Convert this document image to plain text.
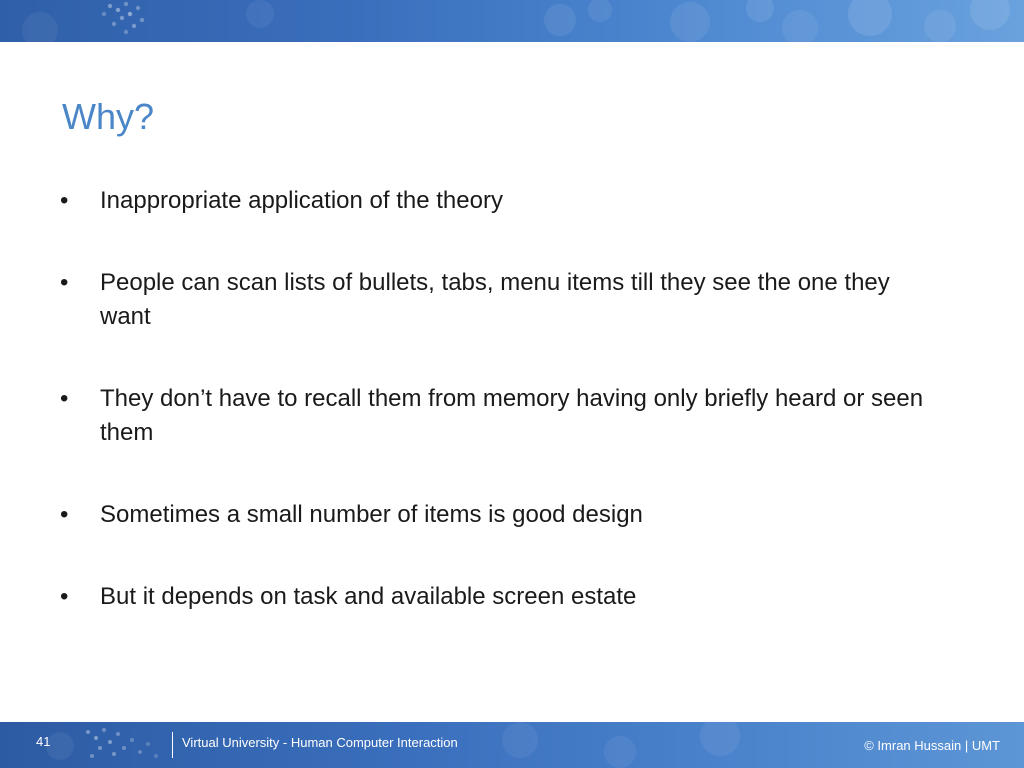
Why?
•	Inappropriate application of the theory
•	People can scan lists of bullets, tabs, menu items till they see the one they want
•	They don’t have to recall them from memory having only briefly heard or seen them
•	Sometimes a small number of items is good design
•	But it depends on task and available screen estate
41	Virtual University - Human Computer Interaction	© Imran Hussain | UMT
